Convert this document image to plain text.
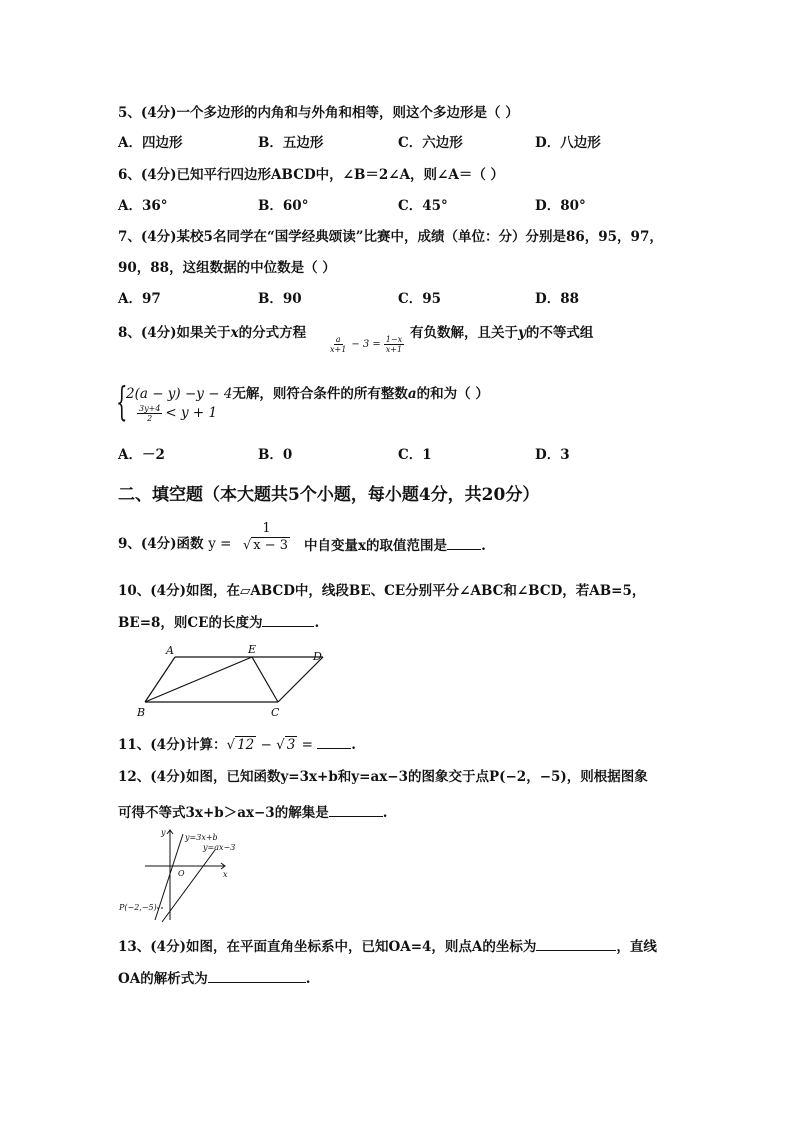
5、(4分)一个多边形的内角和与外角和相等，则这个多边形是（ ）
A．四边形	B．五边形	C．六边形	D．八边形
6、(4分)已知平行四边形ABCD中，∠B＝2∠A，则∠A＝（ ）
A．36°	B．60°	C．45°	D．80°
7、(4分)某校5名同学在“国学经典颂读”比赛中，成绩（单位：分）分别是86，95，97，
90，88，这组数据的中位数是（ ）
A．97	B．90	C．95	D．88
8、(4分)如果关于x的分式方程
$\frac{a}{x+1} - 3 = \frac{1-x}{x+1}$
有负数解，且关于y的不等式组
{
2(a − y) −y − 4无解，则符合条件的所有整数a的和为（ ）
$\frac{3y+4}{2} < y + 1$
A．－2	B．0	C．1	D．3
二、填空题（本大题共5个小题，每小题4分，共20分）
9、(4分)函数 $y = \frac{1}{√ x - 3}$ 中自变量x的取值范围是	.
10、(4分)如图，在▱ABCD中，线段BE、CE分别平分∠ABC和∠BCD，若AB=5，
BE=8，则CE的长度为	.
A	E
D
B	C
11、(4分)计算：√ 12 − √ 3 =	.
12、(4分)如图，已知函数y=3x+b和y=ax−3的图象交于点P(−2，−5)，则根据图象
可得不等式3x+b＞ax−3的解集是	.
y
x
O
y=3x+b
y=ax−3
P(−2,−5)
13、(4分)如图，在平面直角坐标系中，已知OA=4，则点A的坐标为	，直线
OA的解析式为	.
